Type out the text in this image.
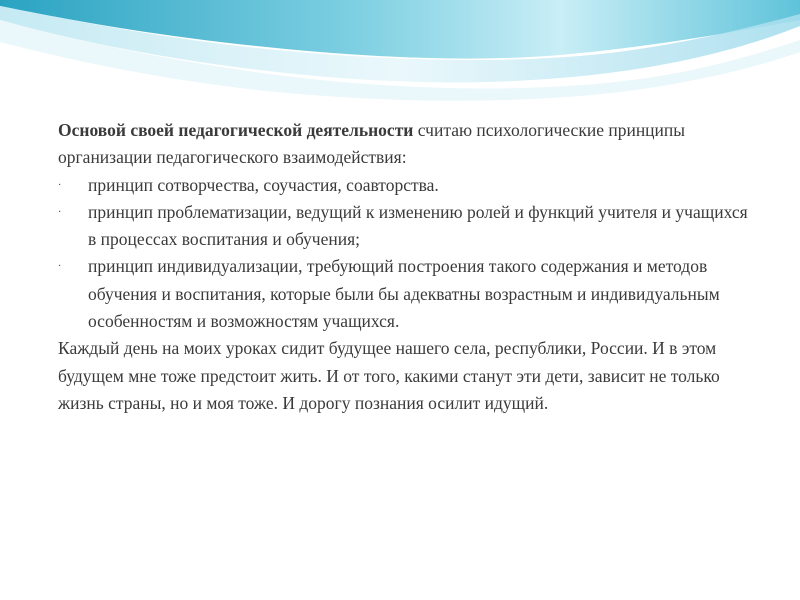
Основой своей педагогической деятельности считаю психологические принципы организации педагогического взаимодействия:

·	принцип сотворчества, соучастия, соавторства.
·	принцип проблематизации, ведущий к изменению ролей и функций учителя и учащихся в процессах воспитания и обучения;
·	принцип индивидуализации, требующий построения такого содержания и методов обучения и воспитания, которые были бы адекватны возрастным и индивидуальным особенностям и возможностям учащихся.

Каждый день на моих уроках сидит будущее нашего села, республики, России. И в этом будущем мне тоже предстоит жить. И от того, какими станут эти дети, зависит не только жизнь страны, но и моя тоже. И дорогу познания осилит идущий.
